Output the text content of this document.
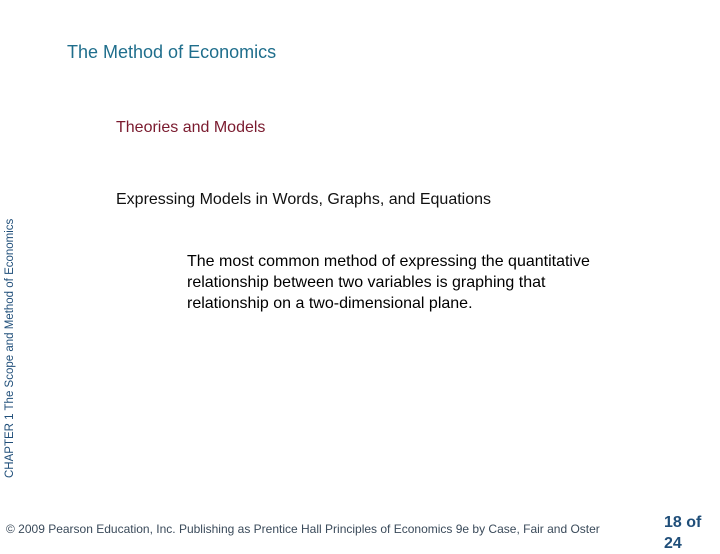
The Method of Economics
Theories and Models
CHAPTER 1 The Scope and Method of Economics
Expressing Models in Words, Graphs, and Equations
The most common method of expressing the quantitative
relationship between two variables is graphing that
relationship on a two-dimensional plane.
© 2009 Pearson Education, Inc. Publishing as Prentice Hall Principles of Economics 9e by Case, Fair and Oster	18 of
24
